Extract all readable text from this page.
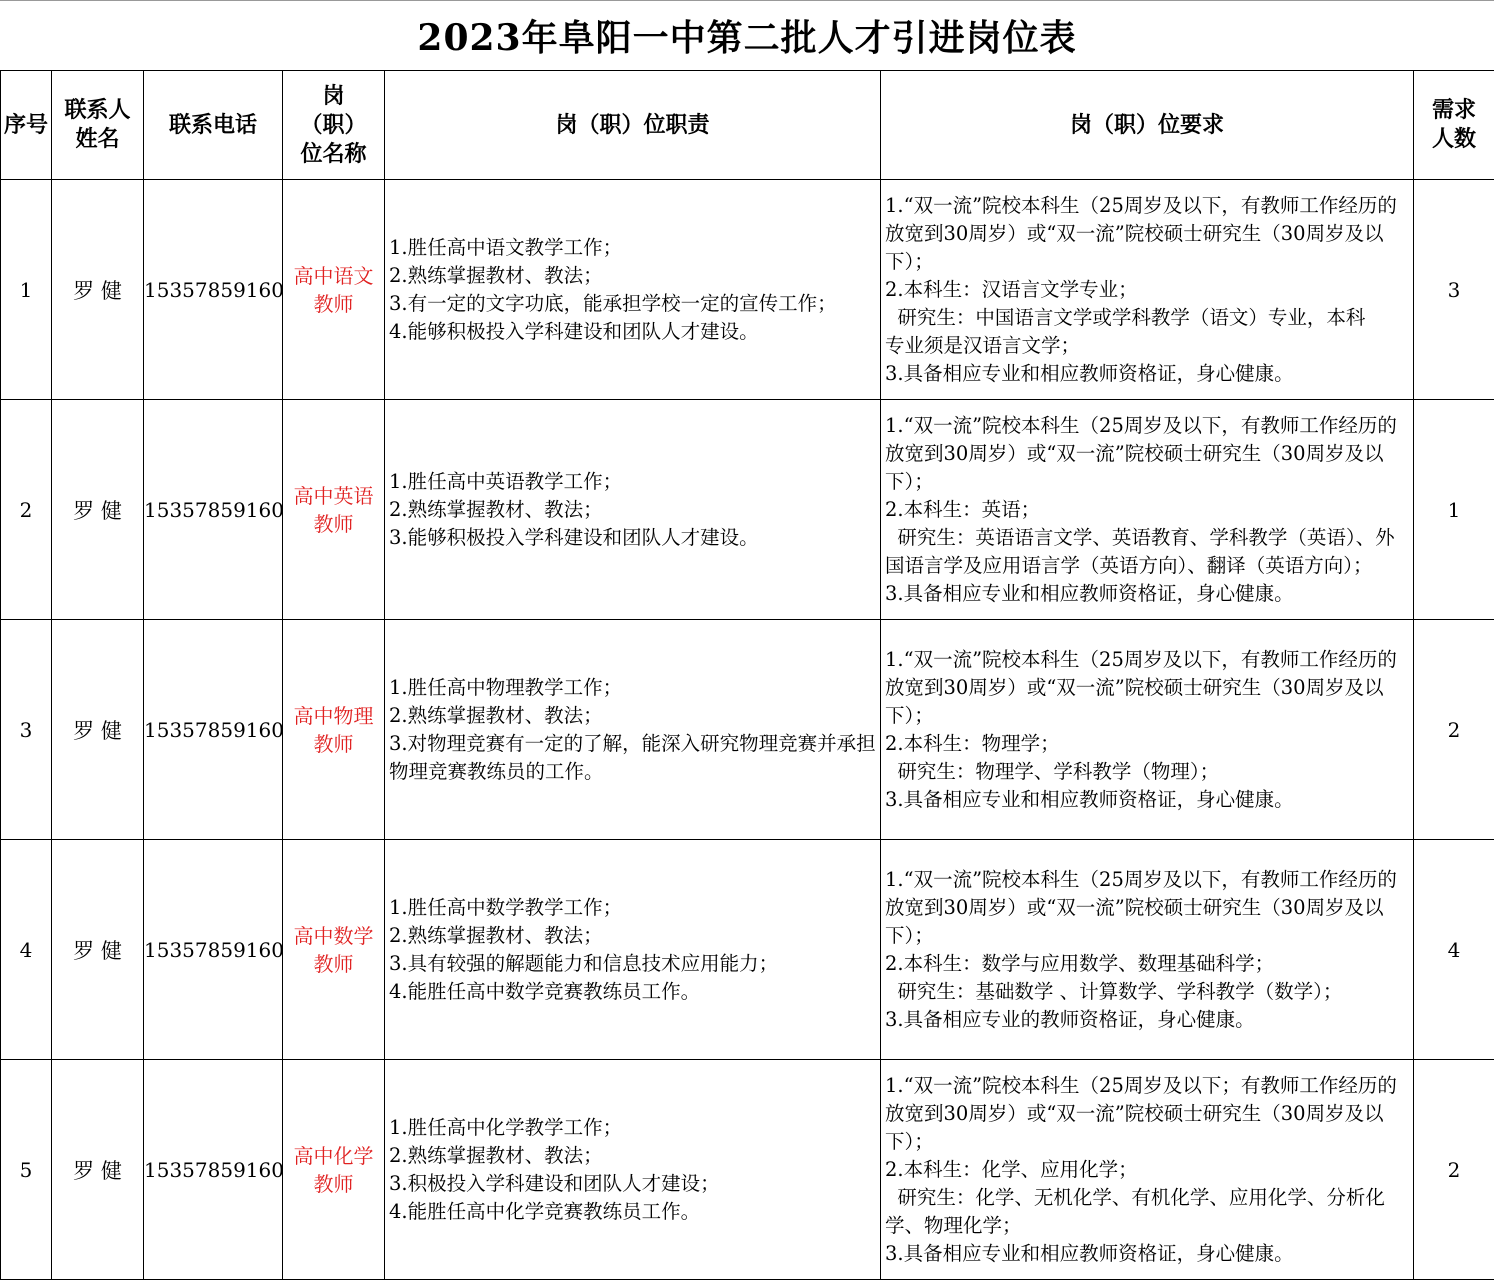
2023年阜阳一中第二批人才引进岗位表
序号	联系人
姓名	联系电话	岗
（职）
位名称	岗（职）位职责	岗（职）位要求	需求
人数
1	罗 健	15357859160	高中语文教师	1.胜任高中语文教学工作；
2.熟练掌握教材、教法；
3.有一定的文字功底，能承担学校一定的宣传工作；
4.能够积极投入学科建设和团队人才建设。	1.“双一流”院校本科生（25周岁及以下，有教师工作经历的放宽到30周岁）或“双一流”院校硕士研究生（30周岁及以下）；
2.本科生：汉语言文学专业；
研究生：中国语言文学或学科教学（语文）专业，本科          专业须是汉语言文学；
3.具备相应专业和相应教师资格证，身心健康。	3
2	罗 健	15357859160	高中英语教师	1.胜任高中英语教学工作；
2.熟练掌握教材、教法；
3.能够积极投入学科建设和团队人才建设。	1.“双一流”院校本科生（25周岁及以下，有教师工作经历的放宽到30周岁）或“双一流”院校硕士研究生（30周岁及以下）；
2.本科生：英语；
研究生：英语语言文学、英语教育、学科教学（英语）、外国语言学及应用语言学（英语方向）、翻译（英语方向）；
3.具备相应专业和相应教师资格证，身心健康。	1
3	罗 健	15357859160	高中物理教师	1.胜任高中物理教学工作；
2.熟练掌握教材、教法；
3.对物理竞赛有一定的了解，能深入研究物理竞赛并承担物理竞赛教练员的工作。	1.“双一流”院校本科生（25周岁及以下，有教师工作经历的放宽到30周岁）或“双一流”院校硕士研究生（30周岁及以下）；
2.本科生：物理学；
研究生：物理学、学科教学（物理）；
3.具备相应专业和相应教师资格证，身心健康。	2
4	罗 健	15357859160	高中数学教师	1.胜任高中数学教学工作；
2.熟练掌握教材、教法；
3.具有较强的解题能力和信息技术应用能力；
4.能胜任高中数学竞赛教练员工作。	1.“双一流”院校本科生（25周岁及以下，有教师工作经历的放宽到30周岁）或“双一流”院校硕士研究生（30周岁及以下）；
2.本科生：数学与应用数学、数理基础科学；
研究生：基础数学 、计算数学、学科教学（数学）；
3.具备相应专业的教师资格证，身心健康。	4
5	罗 健	15357859160	高中化学教师	1.胜任高中化学教学工作；
2.熟练掌握教材、教法；
3.积极投入学科建设和团队人才建设；
4.能胜任高中化学竞赛教练员工作。	1.“双一流”院校本科生（25周岁及以下；有教师工作经历的放宽到30周岁）或“双一流”院校硕士研究生（30周岁及以下）；
2.本科生：化学、应用化学；
研究生：化学、无机化学、有机化学、应用化学、分析化学、物理化学；
3.具备相应专业和相应教师资格证，身心健康。	2
